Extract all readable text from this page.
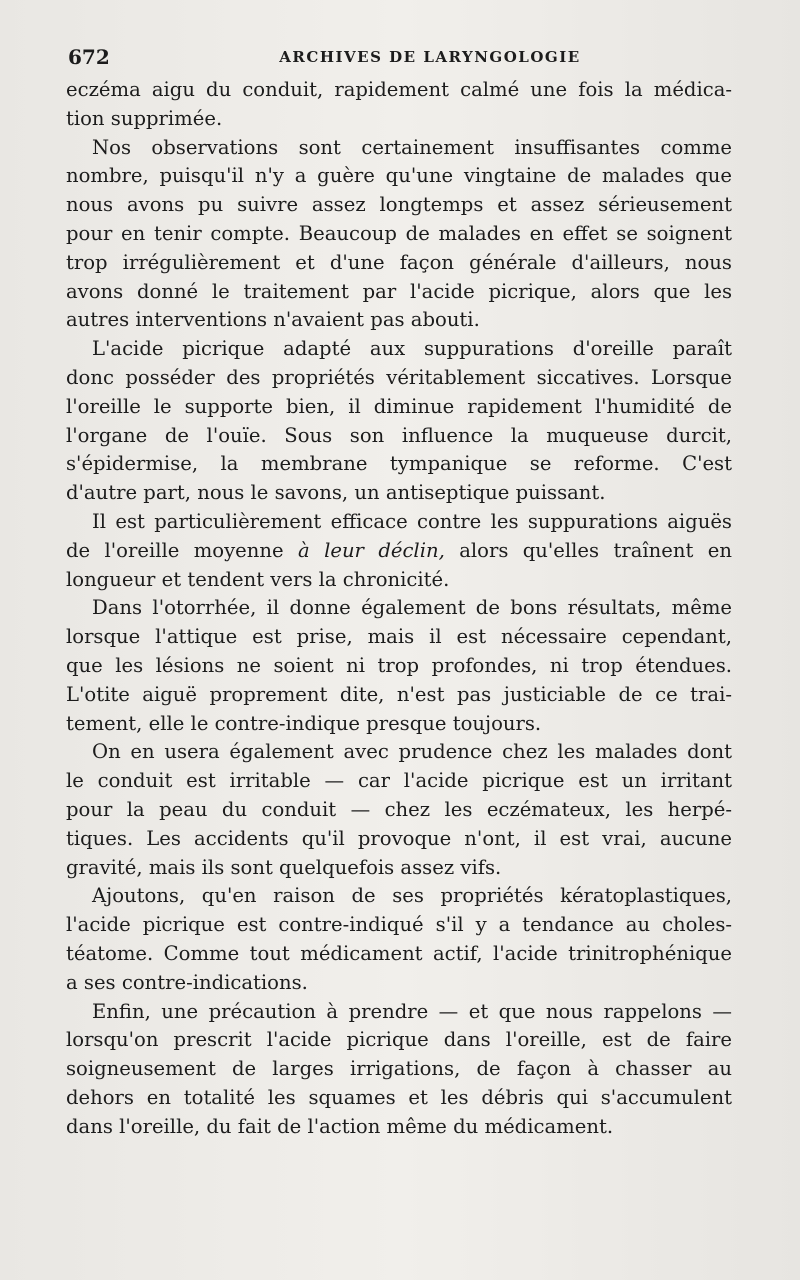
672	ARCHIVES DE LARYNGOLOGIE
eczéma aigu du conduit, rapidement calmé une fois la médica-
tion supprimée.
Nos observations sont certainement insuffisantes comme
nombre, puisqu'il n'y a guère qu'une vingtaine de malades que
nous avons pu suivre assez longtemps et assez sérieusement
pour en tenir compte. Beaucoup de malades en effet se soignent
trop irrégulièrement et d'une façon générale d'ailleurs, nous
avons donné le traitement par l'acide picrique, alors que les
autres interventions n'avaient pas abouti.
L'acide picrique adapté aux suppurations d'oreille paraît
donc posséder des propriétés véritablement siccatives. Lorsque
l'oreille le supporte bien, il diminue rapidement l'humidité de
l'organe de l'ouïe. Sous son influence la muqueuse durcit,
s'épidermise, la membrane tympanique se reforme. C'est
d'autre part, nous le savons, un antiseptique puissant.
Il est particulièrement efficace contre les suppurations aiguës
de l'oreille moyenne à leur déclin, alors qu'elles traînent en
longueur et tendent vers la chronicité.
Dans l'otorrhée, il donne également de bons résultats, même
lorsque l'attique est prise, mais il est nécessaire cependant,
que les lésions ne soient ni trop profondes, ni trop étendues.
L'otite aiguë proprement dite, n'est pas justiciable de ce trai-
tement, elle le contre-indique presque toujours.
On en usera également avec prudence chez les malades dont
le conduit est irritable — car l'acide picrique est un irritant
pour la peau du conduit — chez les eczémateux, les herpé-
tiques. Les accidents qu'il provoque n'ont, il est vrai, aucune
gravité, mais ils sont quelquefois assez vifs.
Ajoutons, qu'en raison de ses propriétés kératoplastiques,
l'acide picrique est contre-indiqué s'il y a tendance au choles-
téatome. Comme tout médicament actif, l'acide trinitrophénique
a ses contre-indications.
Enfin, une précaution à prendre — et que nous rappelons —
lorsqu'on prescrit l'acide picrique dans l'oreille, est de faire
soigneusement de larges irrigations, de façon à chasser au
dehors en totalité les squames et les débris qui s'accumulent
dans l'oreille, du fait de l'action même du médicament.
